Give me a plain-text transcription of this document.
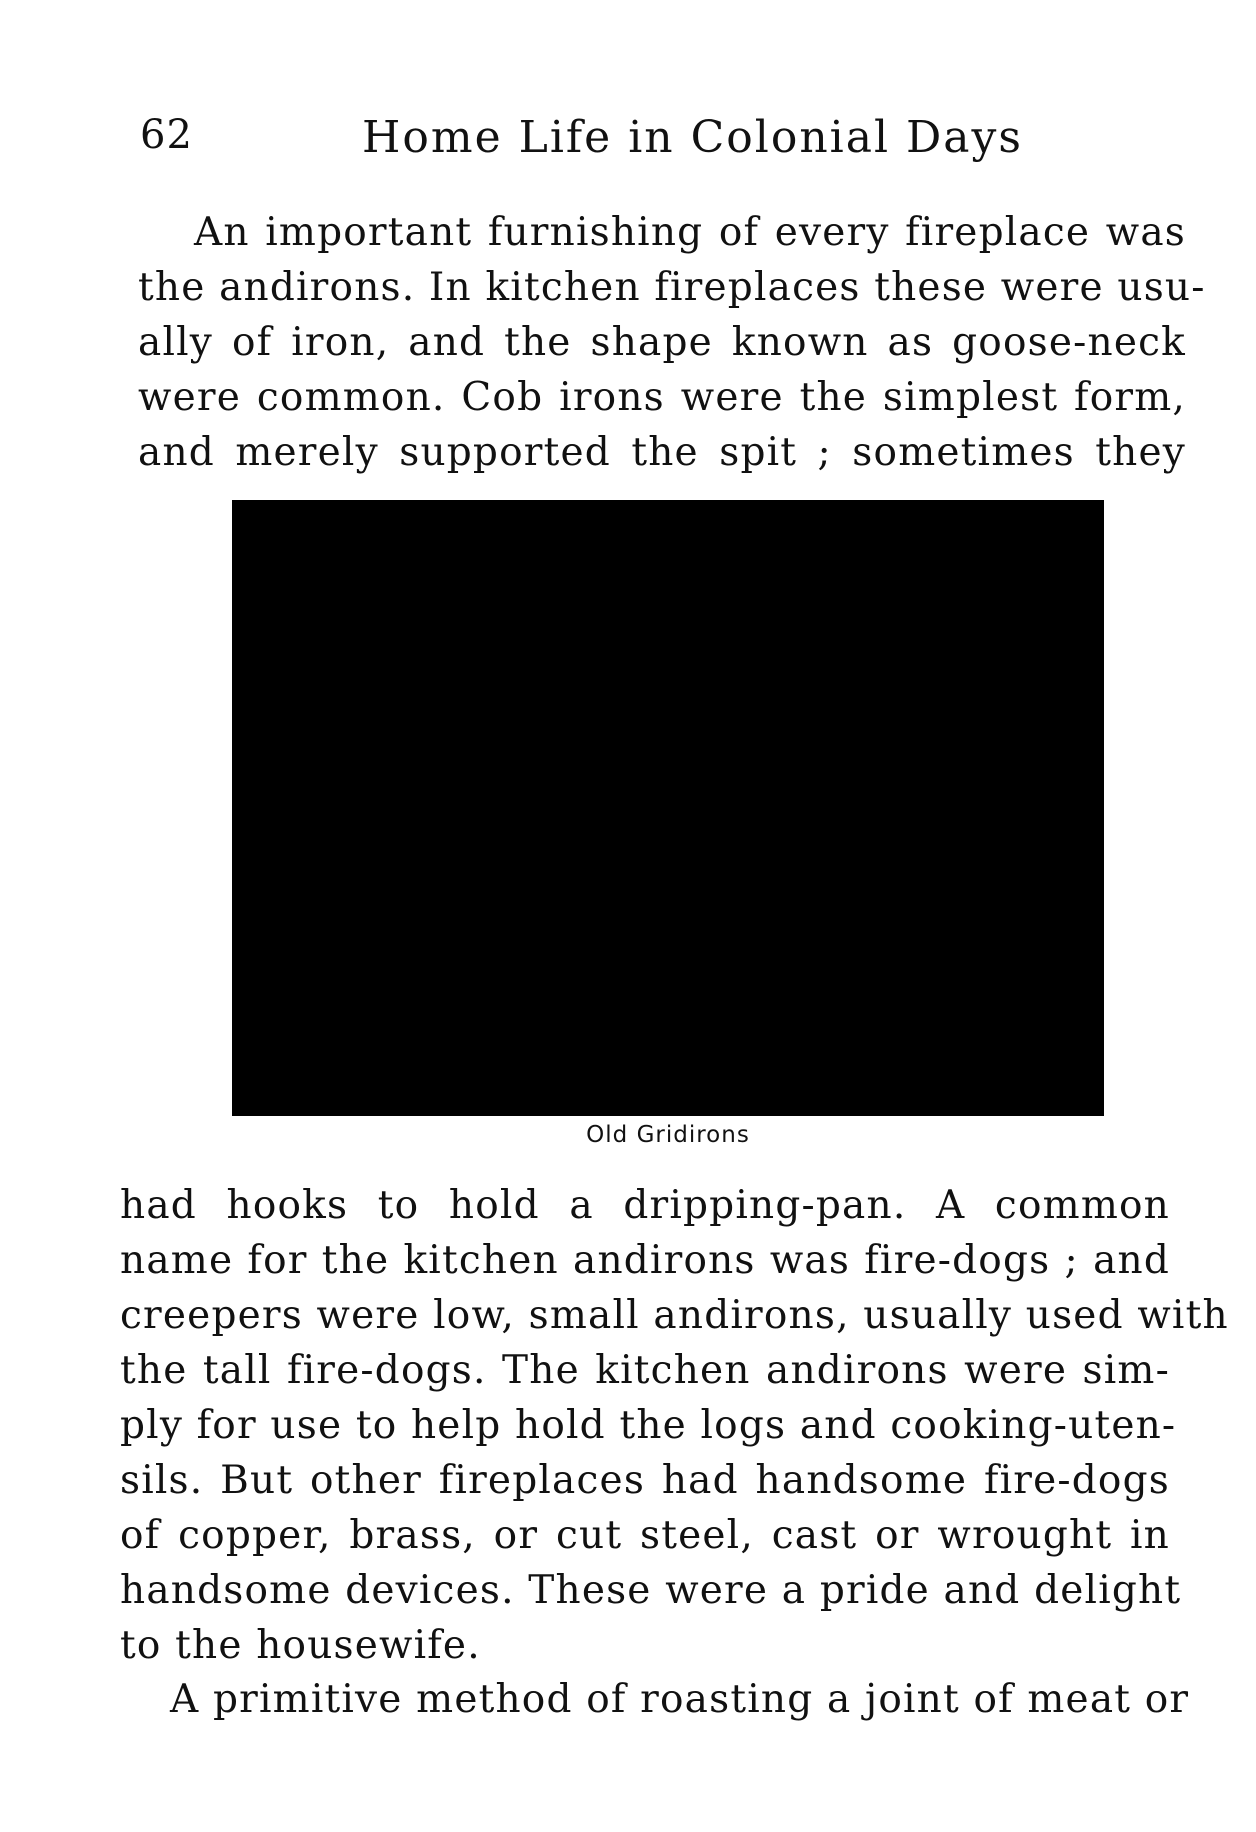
62	Home Life in Colonial Days
An important furnishing of every fireplace was
the andirons. In kitchen fireplaces these were usu-
ally of iron, and the shape known as goose-neck
were common. Cob irons were the simplest form,
and merely supported the spit ; sometimes they
Old Gridirons
had hooks to hold a dripping-pan. A common
name for the kitchen andirons was fire-dogs ; and
creepers were low, small andirons, usually used with
the tall fire-dogs. The kitchen andirons were sim-
ply for use to help hold the logs and cooking-uten-
sils. But other fireplaces had handsome fire-dogs
of copper, brass, or cut steel, cast or wrought in
handsome devices. These were a pride and delight
to the housewife.
A primitive method of roasting a joint of meat or
